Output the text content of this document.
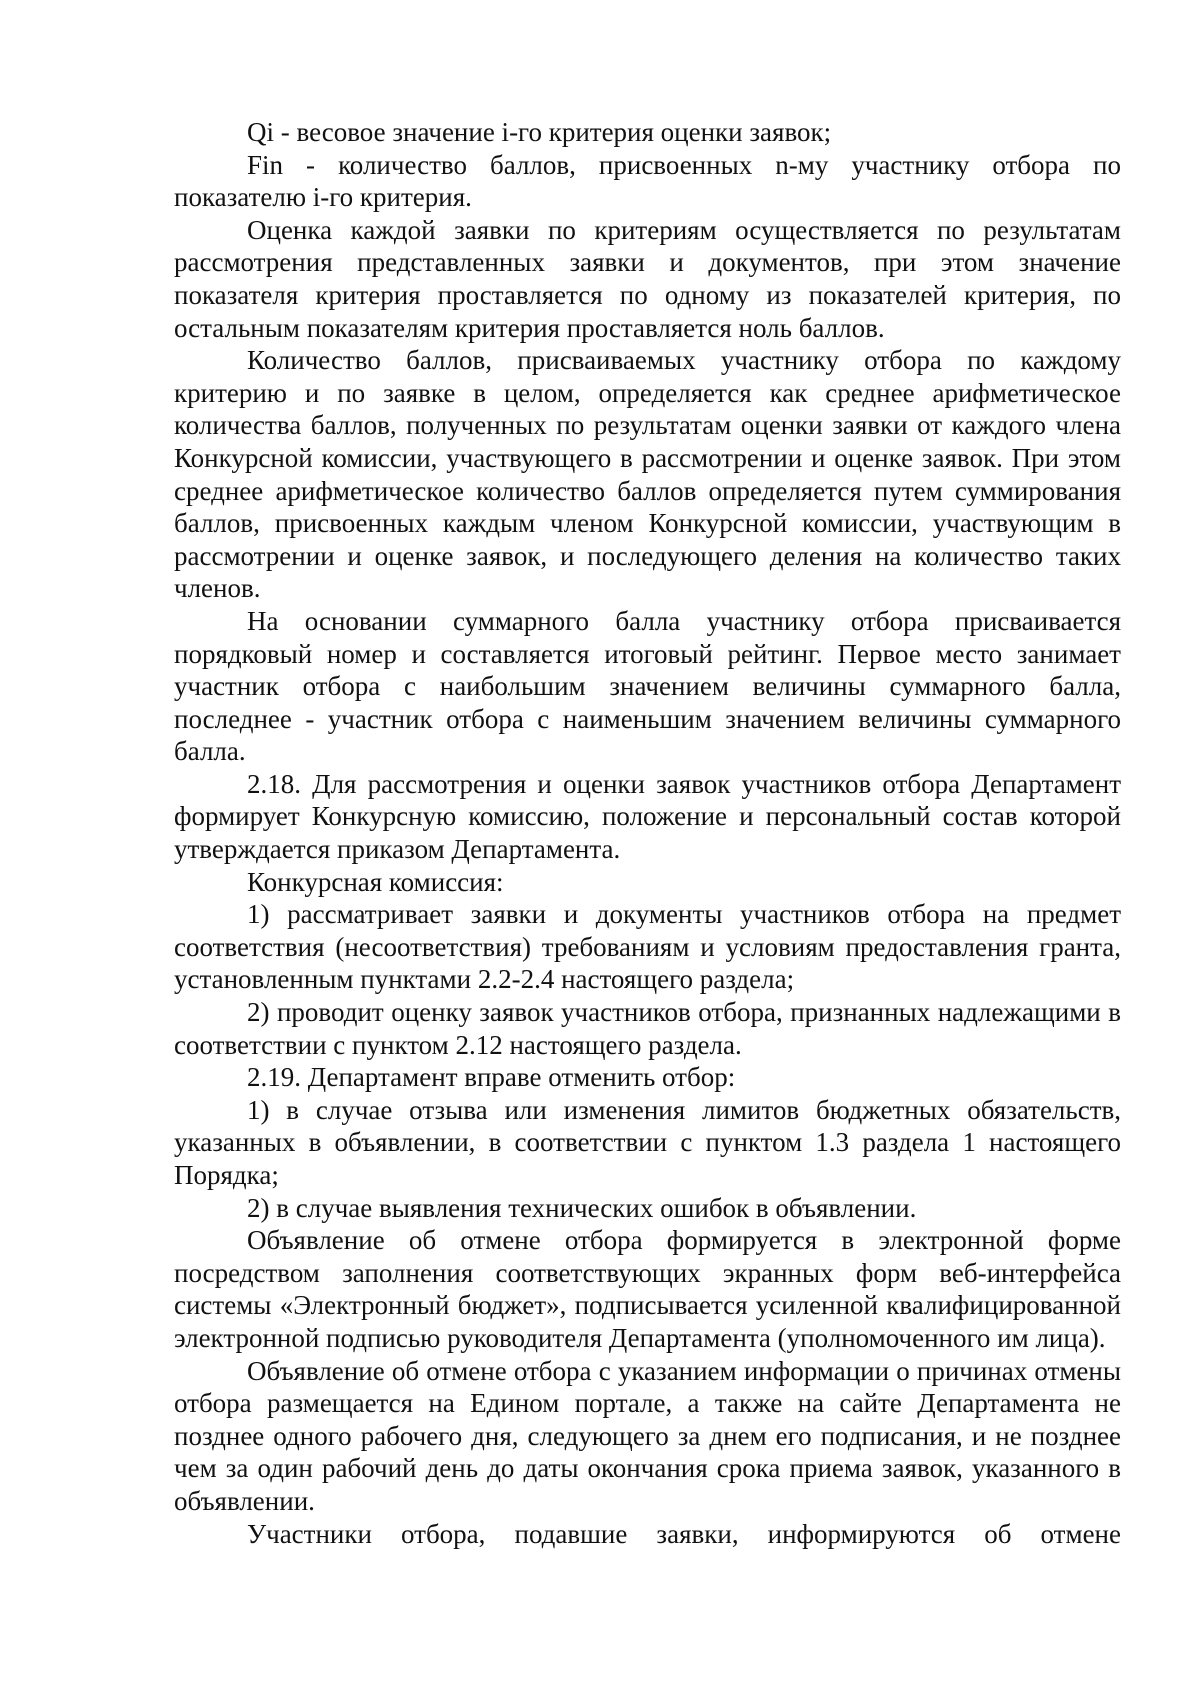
Qi - весовое значение i-го критерия оценки заявок;

Fin - количество баллов, присвоенных n-му участнику отбора по показателю i-го критерия.

Оценка каждой заявки по критериям осуществляется по результатам рассмотрения представленных заявки и документов, при этом значение показателя критерия проставляется по одному из показателей критерия, по остальным показателям критерия проставляется ноль баллов.

Количество баллов, присваиваемых участнику отбора по каждому критерию и по заявке в целом, определяется как среднее арифметическое количества баллов, полученных по результатам оценки заявки от каждого члена Конкурсной комиссии, участвующего в рассмотрении и оценке заявок. При этом среднее арифметическое количество баллов определяется путем суммирования баллов, присвоенных каждым членом Конкурсной комиссии, участвующим в рассмотрении и оценке заявок, и последующего деления на количество таких членов.

На основании суммарного балла участнику отбора присваивается порядковый номер и составляется итоговый рейтинг. Первое место занимает участник отбора с наибольшим значением величины суммарного балла, последнее - участник отбора с наименьшим значением величины суммарного балла.

2.18. Для рассмотрения и оценки заявок участников отбора Департамент формирует Конкурсную комиссию, положение и персональный состав которой утверждается приказом Департамента.

Конкурсная комиссия:

1) рассматривает заявки и документы участников отбора на предмет соответствия (несоответствия) требованиям и условиям предоставления гранта, установленным пунктами 2.2-2.4 настоящего раздела;

2) проводит оценку заявок участников отбора, признанных надлежащими в соответствии с пунктом 2.12 настоящего раздела.

2.19. Департамент вправе отменить отбор:

1) в случае отзыва или изменения лимитов бюджетных обязательств, указанных в объявлении, в соответствии с пунктом 1.3 раздела 1 настоящего Порядка;

2) в случае выявления технических ошибок в объявлении.

Объявление об отмене отбора формируется в электронной форме посредством заполнения соответствующих экранных форм веб-интерфейса системы «Электронный бюджет», подписывается усиленной квалифицированной электронной подписью руководителя Департамента (уполномоченного им лица).

Объявление об отмене отбора с указанием информации о причинах отмены отбора размещается на Едином портале, а также на сайте Департамента не позднее одного рабочего дня, следующего за днем его подписания, и не позднее чем за один рабочий день до даты окончания срока приема заявок, указанного в объявлении.

Участники отбора, подавшие заявки, информируются об отмене
